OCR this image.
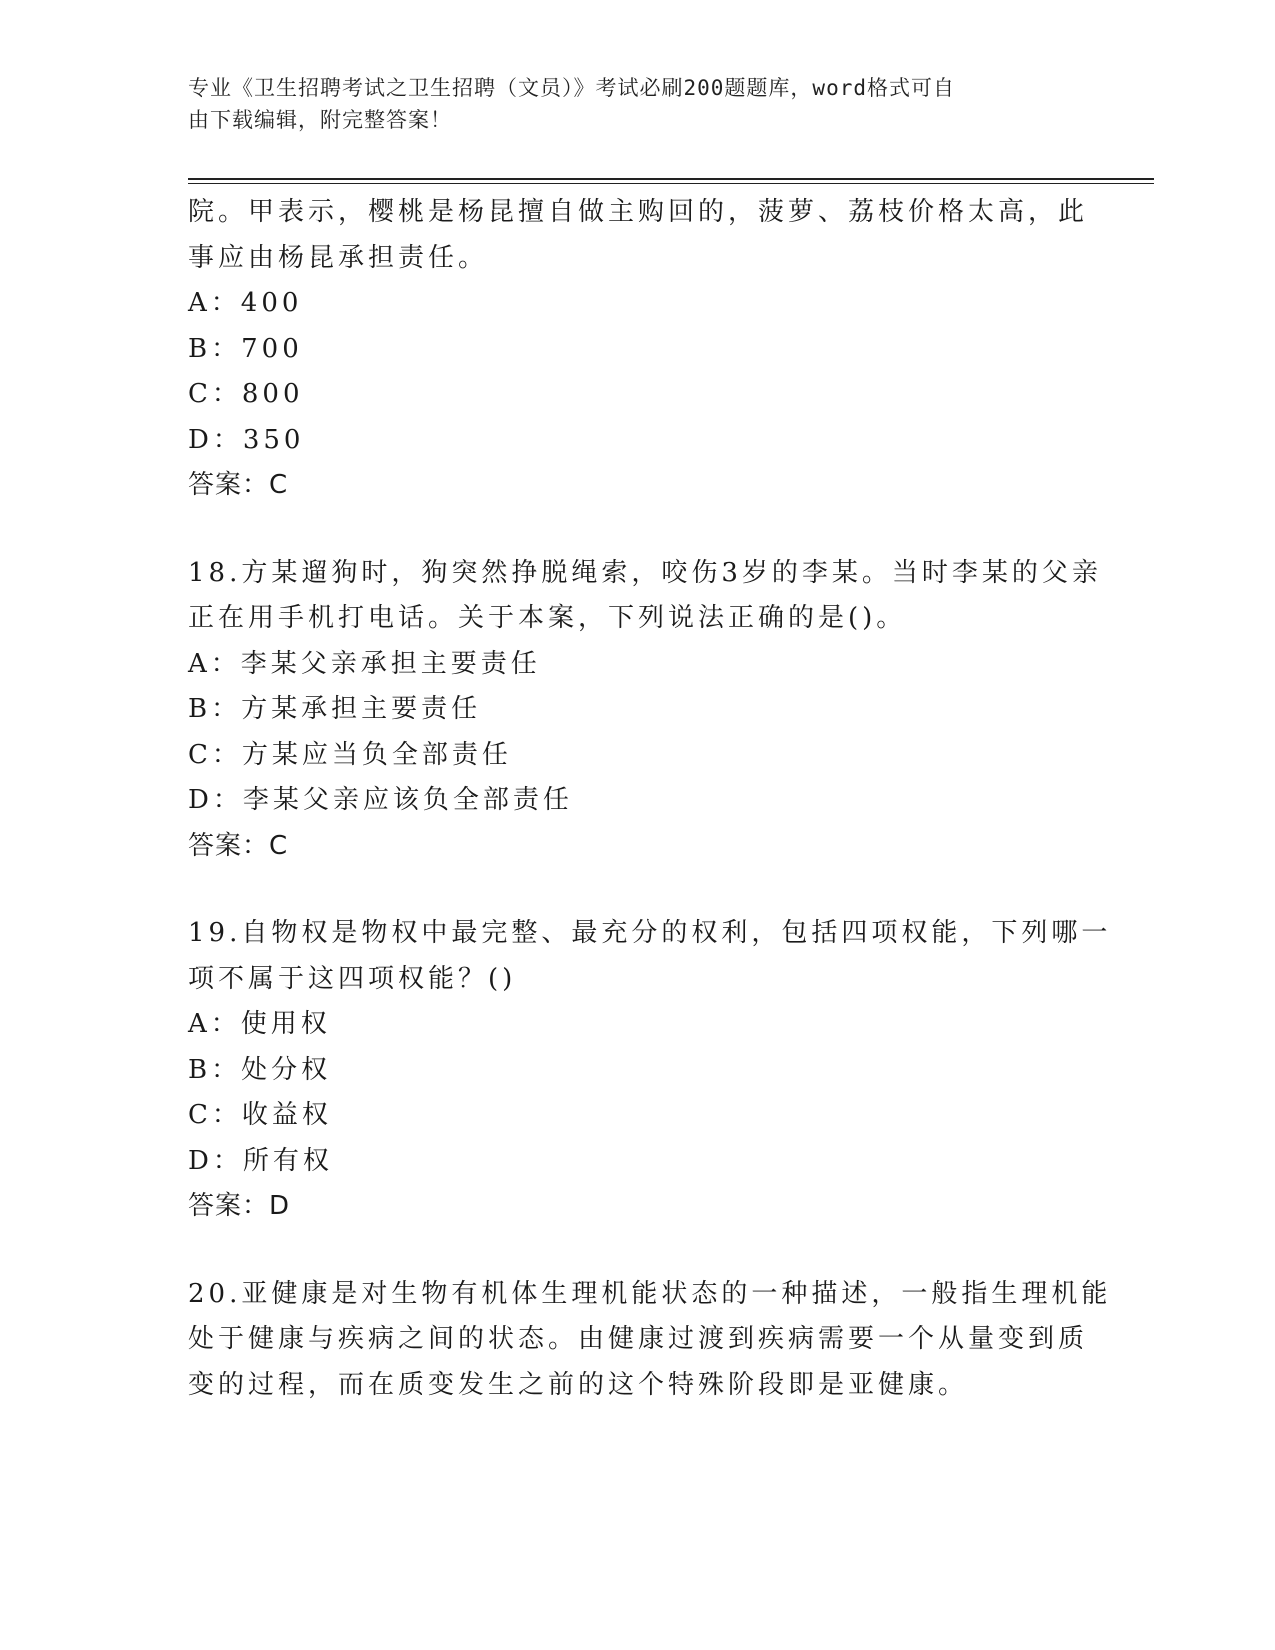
专业《卫生招聘考试之卫生招聘（文员）》考试必刷200题题库，word格式可自
由下载编辑，附完整答案！
院。甲表示，樱桃是杨昆擅自做主购回的，菠萝、荔枝价格太高，此
事应由杨昆承担责任。
A：400
B：700
C：800
D：350
答案：C
18.方某遛狗时，狗突然挣脱绳索，咬伤3岁的李某。当时李某的父亲
正在用手机打电话。关于本案，下列说法正确的是()。
A：李某父亲承担主要责任
B：方某承担主要责任
C：方某应当负全部责任
D：李某父亲应该负全部责任
答案：C
19.自物权是物权中最完整、最充分的权利，包括四项权能，下列哪一
项不属于这四项权能？()
A：使用权
B：处分权
C：收益权
D：所有权
答案：D
20.亚健康是对生物有机体生理机能状态的一种描述，一般指生理机能
处于健康与疾病之间的状态。由健康过渡到疾病需要一个从量变到质
变的过程，而在质变发生之前的这个特殊阶段即是亚健康。
